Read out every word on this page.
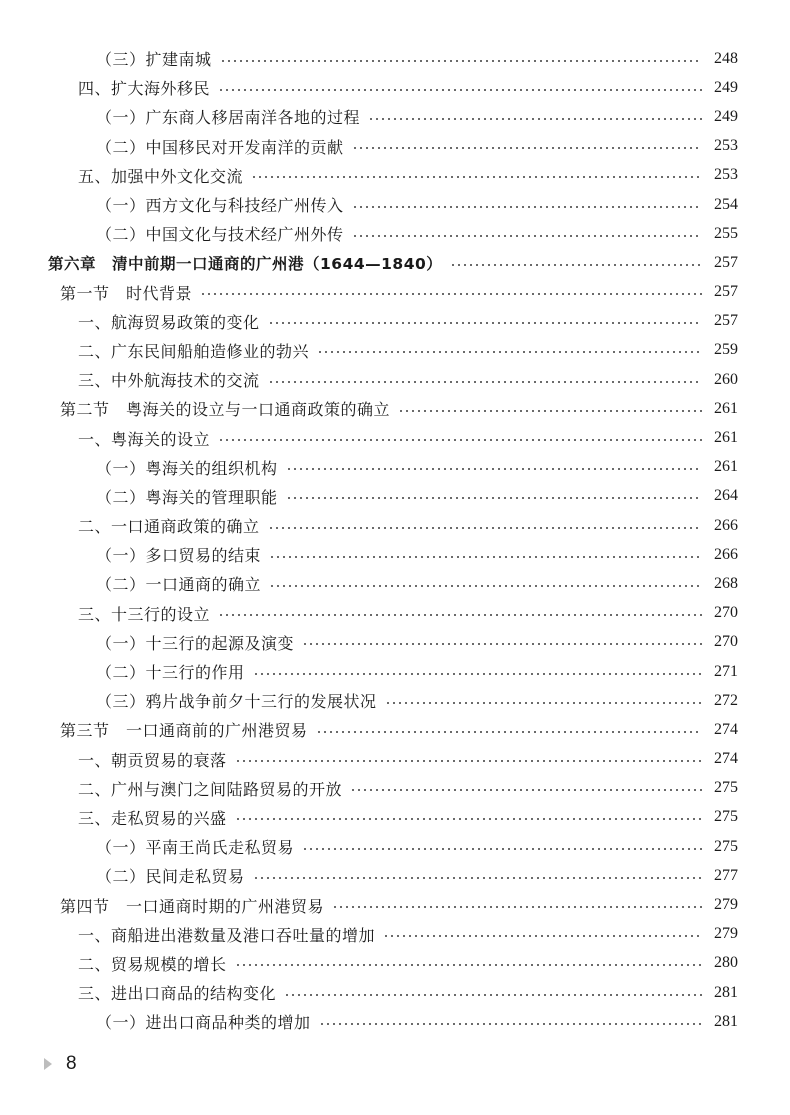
（三）扩建南城	248
四、扩大海外移民	249
（一）广东商人移居南洋各地的过程	249
（二）中国移民对开发南洋的贡献	253
五、加强中外文化交流	253
（一）西方文化与科技经广州传入	254
（二）中国文化与技术经广州外传	255
第六章　清中前期一口通商的广州港（1644—1840）	257
第一节　时代背景	257
一、航海贸易政策的变化	257
二、广东民间船舶造修业的勃兴	259
三、中外航海技术的交流	260
第二节　粤海关的设立与一口通商政策的确立	261
一、粤海关的设立	261
（一）粤海关的组织机构	261
（二）粤海关的管理职能	264
二、一口通商政策的确立	266
（一）多口贸易的结束	266
（二）一口通商的确立	268
三、十三行的设立	270
（一）十三行的起源及演变	270
（二）十三行的作用	271
（三）鸦片战争前夕十三行的发展状况	272
第三节　一口通商前的广州港贸易	274
一、朝贡贸易的衰落	274
二、广州与澳门之间陆路贸易的开放	275
三、走私贸易的兴盛	275
（一）平南王尚氏走私贸易	275
（二）民间走私贸易	277
第四节　一口通商时期的广州港贸易	279
一、商船进出港数量及港口吞吐量的增加	279
二、贸易规模的增长	280
三、进出口商品的结构变化	281
（一）进出口商品种类的增加	281
8
